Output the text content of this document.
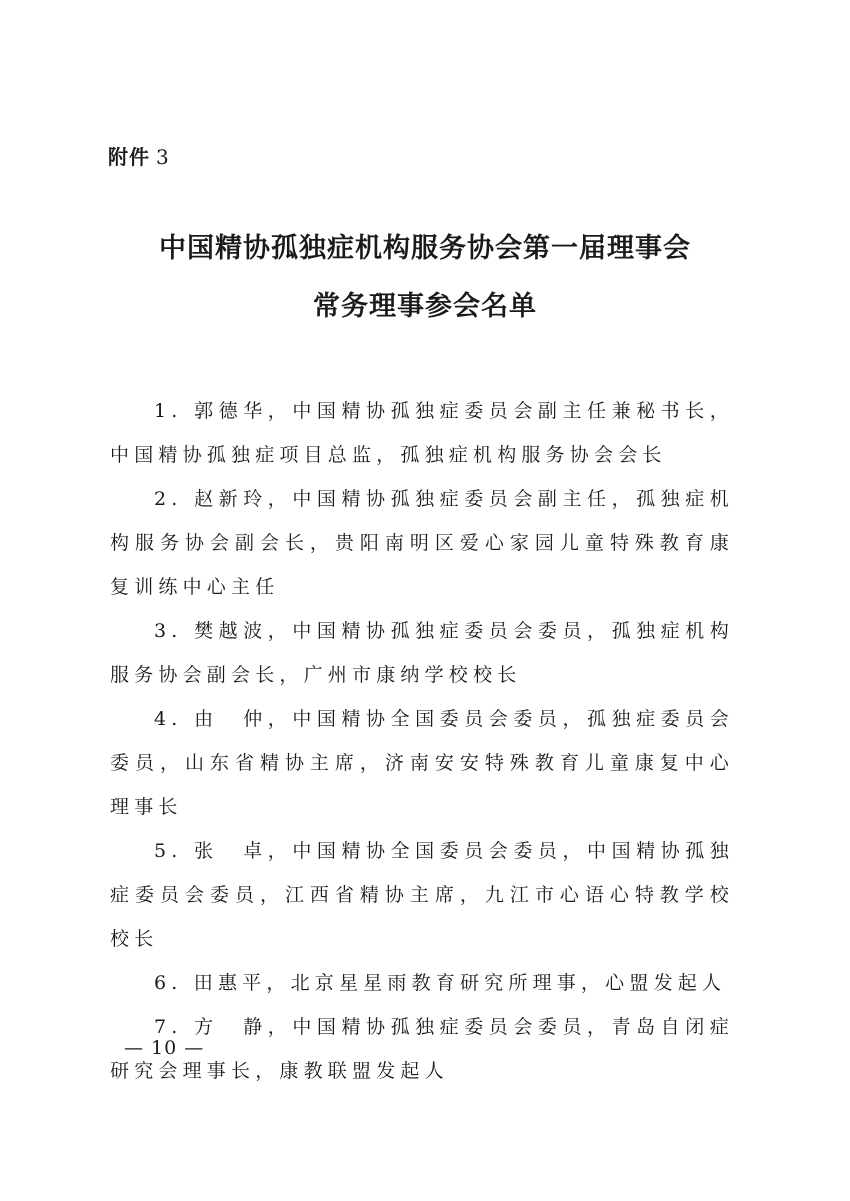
附件 3
中国精协孤独症机构服务协会第一届理事会
常务理事参会名单

1. 郭德华，中国精协孤独症委员会副主任兼秘书长，中国精协孤独症项目总监，孤独症机构服务协会会长

2. 赵新玲，中国精协孤独症委员会副主任，孤独症机构服务协会副会长，贵阳南明区爱心家园儿童特殊教育康复训练中心主任

3. 樊越波，中国精协孤独症委员会委员，孤独症机构服务协会副会长，广州市康纳学校校长

4. 由　仲，中国精协全国委员会委员，孤独症委员会委员，山东省精协主席，济南安安特殊教育儿童康复中心理事长

5. 张　卓，中国精协全国委员会委员，中国精协孤独症委员会委员，江西省精协主席，九江市心语心特教学校校长

6. 田惠平，北京星星雨教育研究所理事，心盟发起人

7. 方　静，中国精协孤独症委员会委员，青岛自闭症研究会理事长，康教联盟发起人

— 10 —
